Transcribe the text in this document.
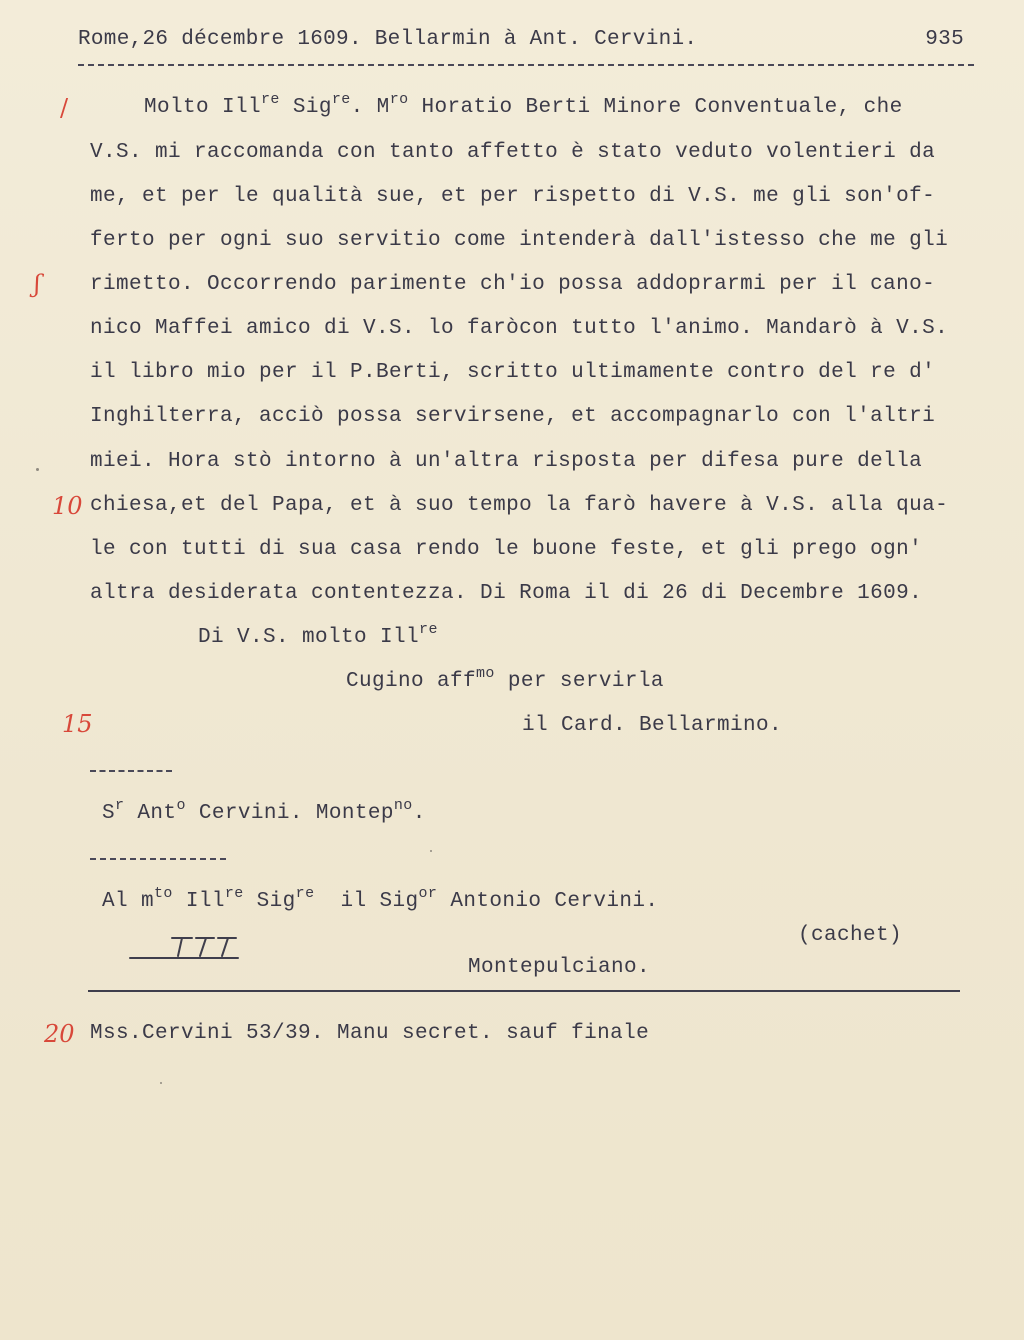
Rome,26 décembre 1609. Bellarmin à Ant. Cervini.	935
/
ʃ
10
15
20
Molto Ill$^{re}$ Sig$^{re}$. $M^{ro}$ Horatio Berti Minore Conventuale, che
V.S. mi raccomanda con tanto affetto è stato veduto volentieri da
me, et per le qualità sue, et per rispetto di V.S. me gli son'of-
ferto per ogni suo servitio come intenderà dall'istesso che me gli
rimetto. Occorrendo parimente ch'io possa addoprarmi per il cano-
nico Maffei amico di V.S. lo faròcon tutto l'animo. Mandarò à V.S.
il libro mio per il P.Berti, scritto ultimamente contro del re d'
Inghilterra, acciò possa servirsene, et accompagnarlo con l'altri
miei. Hora stò intorno à un'altra risposta per difesa pure della
chiesa,et del Papa, et à suo tempo la farò havere à V.S. alla qua-
le con tutti di sua casa rendo le buone feste, et gli prego ogn'
altra desiderata contentezza. Di Roma il di 26 di Decembre 1609.
Di V.S. molto Ill$^{re}$
Cugino aff$^{mo}$ per servirla
il Card. Bellarmino.
$S^r$ Ant$^o$ Cervini. Montep$^{no}$.
Al $m^{to}$ Ill$^{re}$ Sig$^{re}$  il Sig$^{or}$ Antonio Cervini.
(cachet)
Montepulciano.
Mss.Cervini 53/39. Manu secret. sauf finale
